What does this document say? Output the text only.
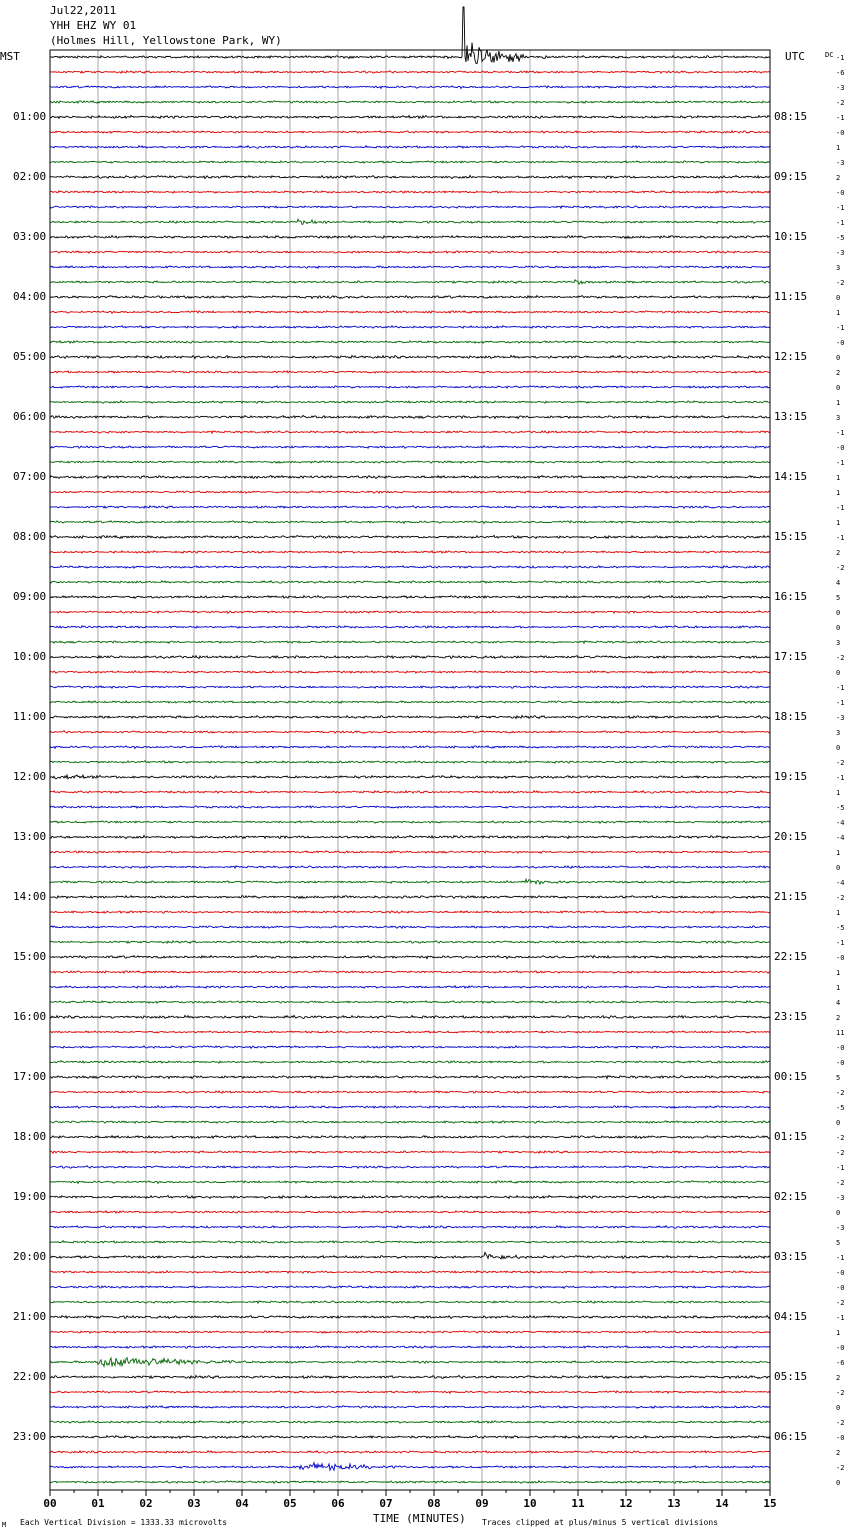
00	01	02	03	04	05	06	07	08	09	10	11	12	13	14	15
Jul22,2011
YHH EHZ WY 01
(Holmes Hill, Yellowstone Park, WY)
MST	UTC	DC
01:00
02:00
03:00
04:00
05:00
06:00
07:00
08:00
09:00
10:00
11:00
12:00
13:00
14:00
15:00
16:00
17:00
18:00
19:00
20:00
21:00
22:00
23:00
08:15
09:15
10:15
11:15
12:15
13:15
14:15
15:15
16:15
17:15
18:15
19:15
20:15
21:15
22:15
23:15
00:15
01:15
02:15
03:15
04:15
05:15
06:15
-1
-6
-3
-2
-1
-0
1
-3
2
-0
-1
-1
-5
-3
3
-2
0
1
-1
-0
0
2
0
1
3
-1
-0
-1
1
1
-1
1
-1
2
-2
4
5
0
0
3
-2
0
-1
-1
-3
3
0
-2
-1
1
-5
-4
-4
1
0
-4
-2
1
-5
-1
-0
1
1
4
2
11
-0
-0
5
-2
-5
0
-2
-2
-1
-2
-3
0
-3
5
-1
-0
-0
-2
-1
1
-0
-6
2
-2
0
-2
-0
2
-2
0
M Each Vertical Division = 1333.33 microvolts	TIME (MINUTES) Traces clipped at plus/minus 5 vertical divisions
